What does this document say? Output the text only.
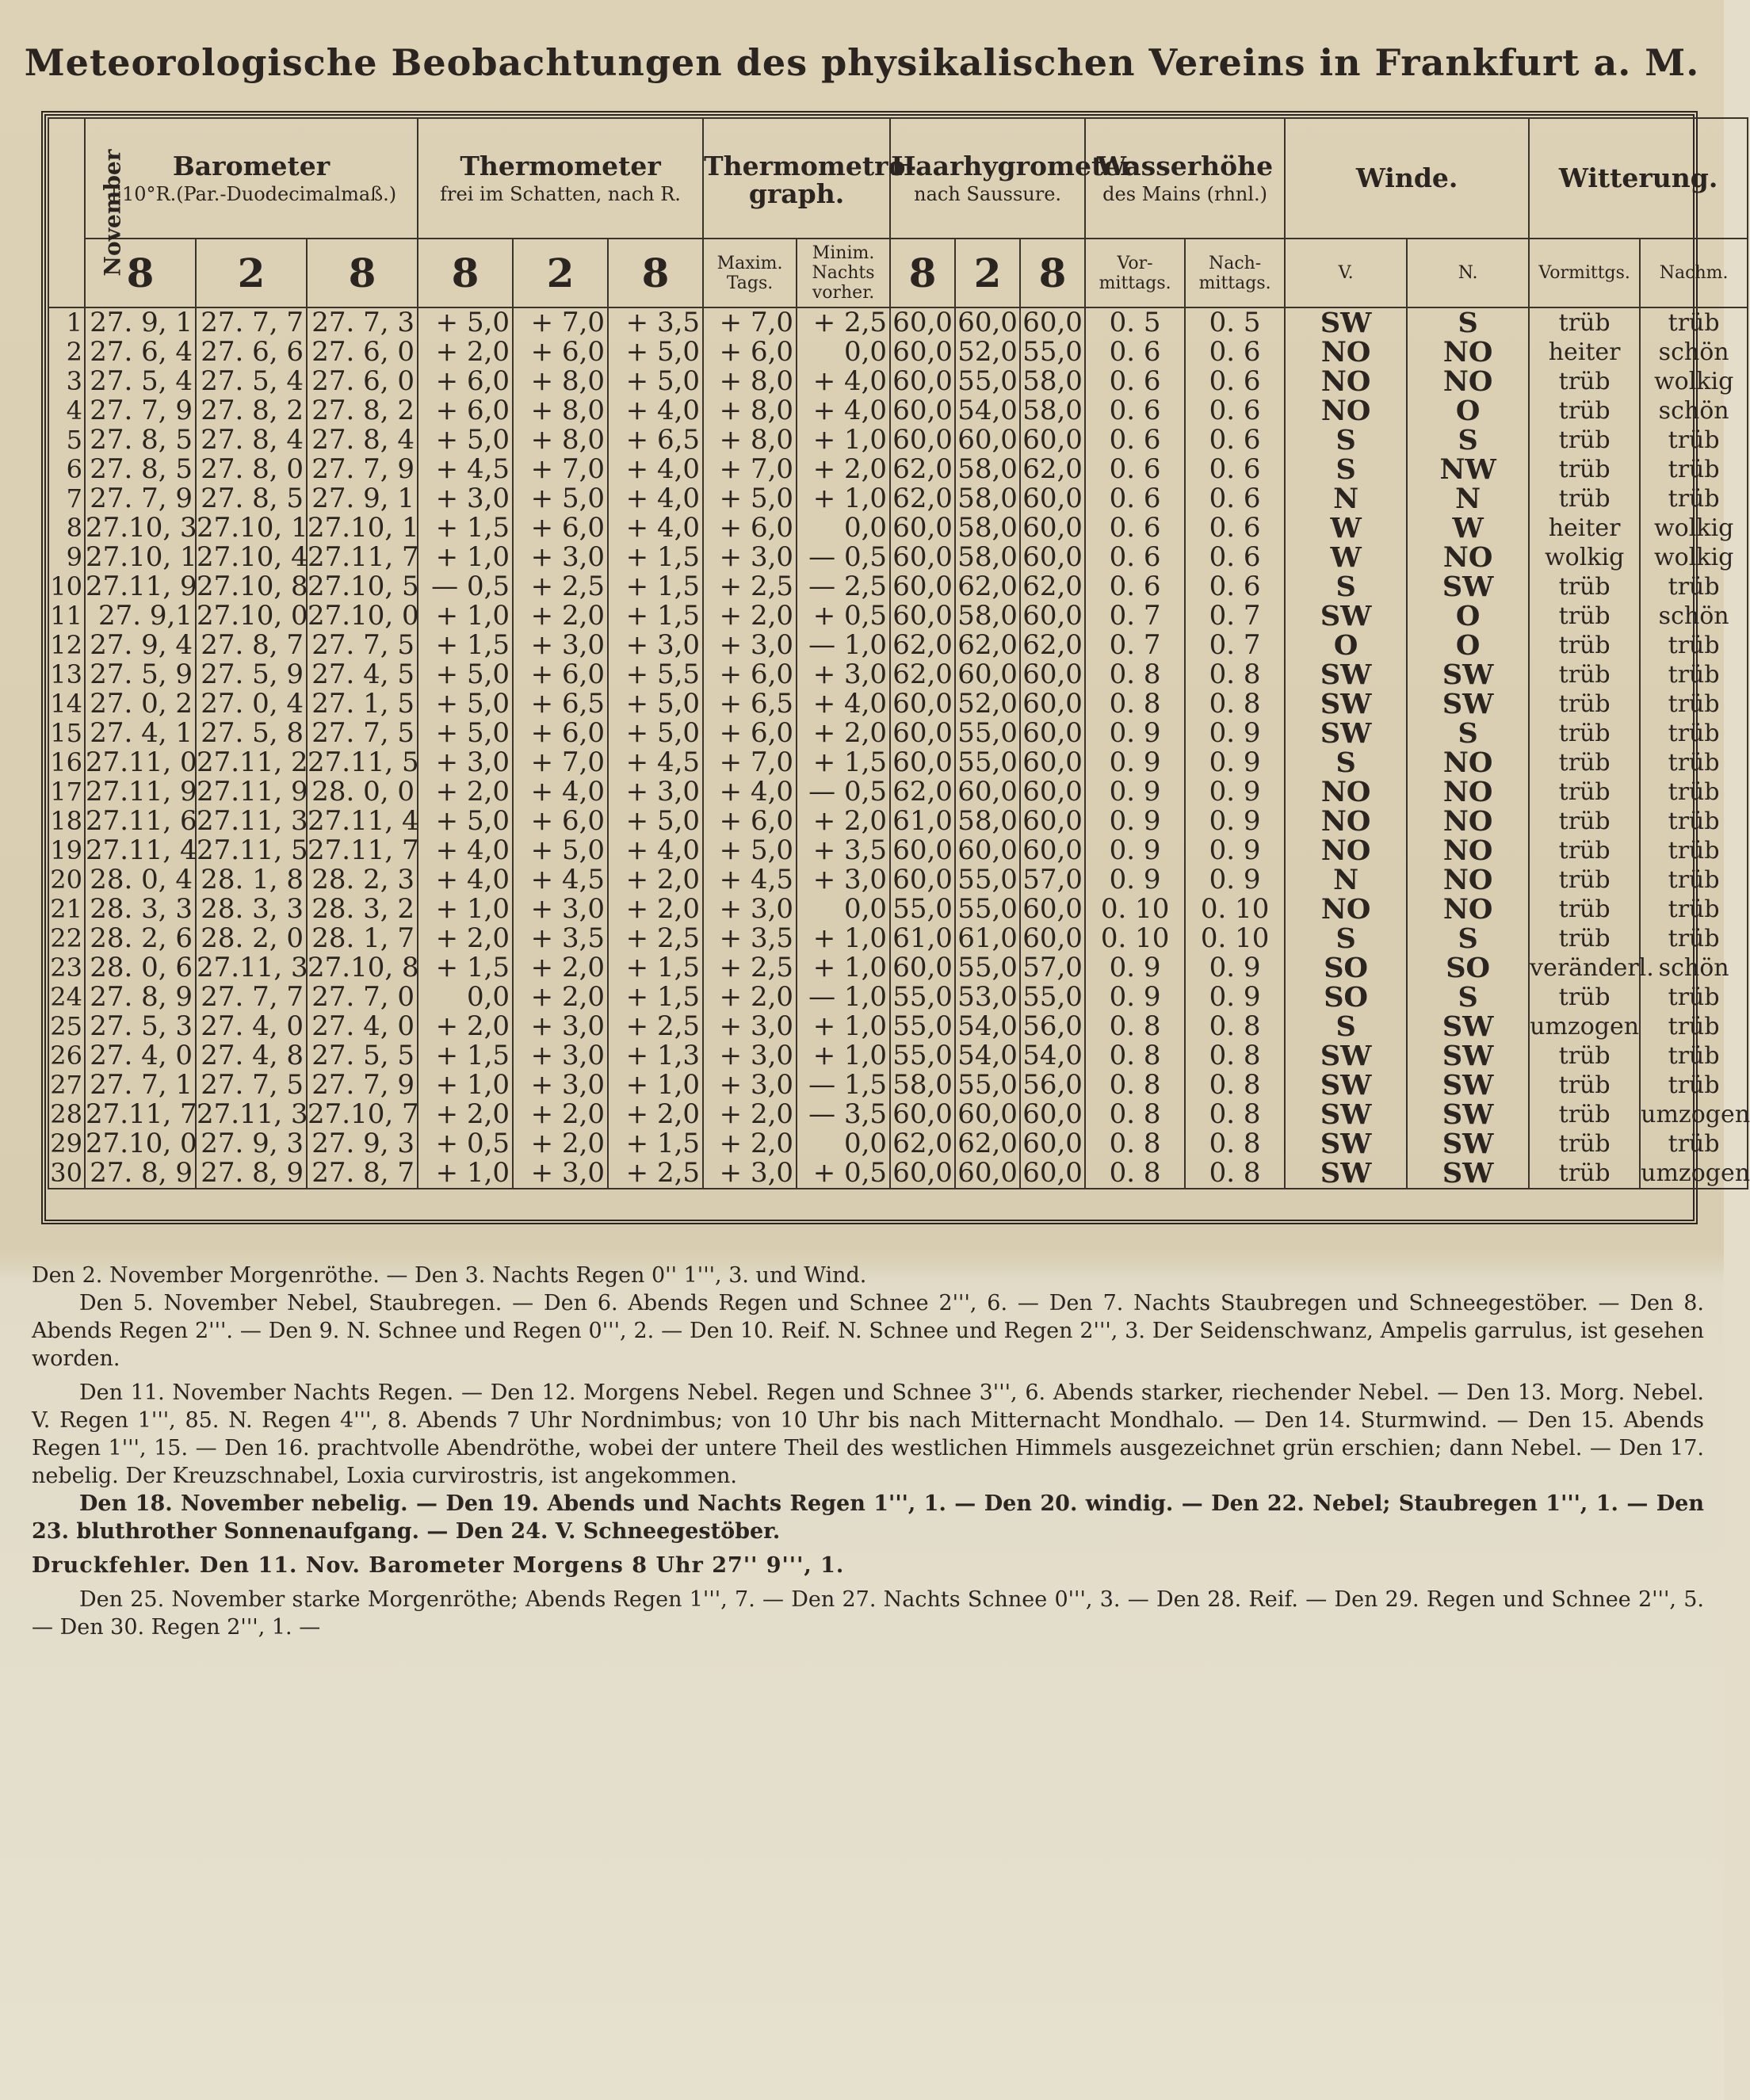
Meteorologische Beobachtungen des physikalischen Vereins in Frankfurt a. M.
November	Barometer
+10°R.(Par.-Duodecimalmaß.)			Thermometer
frei im Schatten, nach R.			Thermometro-
graph.		Haarhygrometer
nach Saussure.			Wasserhöhe
des Mains (rhnl.)		Winde.		Witterung.	
	8	2	8	8	2	8	Maxim. Tags.	Minim. Nachts vorher.	8	2	8	Vor- mittags.	Nach- mittags.	V.	N.	Vormittgs.	Nachm.
1	27. 9, 1	27. 7, 7	27. 7, 3	+ 5,0	+ 7,0	+ 3,5	+ 7,0	+ 2,5	60,0	60,0	60,0	0. 5	0. 5	SW	S	trüb	trüb
2	27. 6, 4	27. 6, 6	27. 6, 0	+ 2,0	+ 6,0	+ 5,0	+ 6,0	0,0	60,0	52,0	55,0	0. 6	0. 6	NO	NO	heiter	schön
3	27. 5, 4	27. 5, 4	27. 6, 0	+ 6,0	+ 8,0	+ 5,0	+ 8,0	+ 4,0	60,0	55,0	58,0	0. 6	0. 6	NO	NO	trüb	wolkig
4	27. 7, 9	27. 8, 2	27. 8, 2	+ 6,0	+ 8,0	+ 4,0	+ 8,0	+ 4,0	60,0	54,0	58,0	0. 6	0. 6	NO	O	trüb	schön
5	27. 8, 5	27. 8, 4	27. 8, 4	+ 5,0	+ 8,0	+ 6,5	+ 8,0	+ 1,0	60,0	60,0	60,0	0. 6	0. 6	S	S	trüb	trüb
6	27. 8, 5	27. 8, 0	27. 7, 9	+ 4,5	+ 7,0	+ 4,0	+ 7,0	+ 2,0	62,0	58,0	62,0	0. 6	0. 6	S	NW	trüb	trüb
7	27. 7, 9	27. 8, 5	27. 9, 1	+ 3,0	+ 5,0	+ 4,0	+ 5,0	+ 1,0	62,0	58,0	60,0	0. 6	0. 6	N	N	trüb	trüb
8	27.10, 3	27.10, 1	27.10, 1	+ 1,5	+ 6,0	+ 4,0	+ 6,0	0,0	60,0	58,0	60,0	0. 6	0. 6	W	W	heiter	wolkig
9	27.10, 1	27.10, 4	27.11, 7	+ 1,0	+ 3,0	+ 1,5	+ 3,0	— 0,5	60,0	58,0	60,0	0. 6	0. 6	W	NO	wolkig	wolkig
10	27.11, 9	27.10, 8	27.10, 5	— 0,5	+ 2,5	+ 1,5	+ 2,5	— 2,5	60,0	62,0	62,0	0. 6	0. 6	S	SW	trüb	trüb
11	27. 9,1	27.10, 0	27.10, 0	+ 1,0	+ 2,0	+ 1,5	+ 2,0	+ 0,5	60,0	58,0	60,0	0. 7	0. 7	SW	O	trüb	schön
12	27. 9, 4	27. 8, 7	27. 7, 5	+ 1,5	+ 3,0	+ 3,0	+ 3,0	— 1,0	62,0	62,0	62,0	0. 7	0. 7	O	O	trüb	trüb
13	27. 5, 9	27. 5, 9	27. 4, 5	+ 5,0	+ 6,0	+ 5,5	+ 6,0	+ 3,0	62,0	60,0	60,0	0. 8	0. 8	SW	SW	trüb	trüb
14	27. 0, 2	27. 0, 4	27. 1, 5	+ 5,0	+ 6,5	+ 5,0	+ 6,5	+ 4,0	60,0	52,0	60,0	0. 8	0. 8	SW	SW	trüb	trüb
15	27. 4, 1	27. 5, 8	27. 7, 5	+ 5,0	+ 6,0	+ 5,0	+ 6,0	+ 2,0	60,0	55,0	60,0	0. 9	0. 9	SW	S	trüb	trüb
16	27.11, 0	27.11, 2	27.11, 5	+ 3,0	+ 7,0	+ 4,5	+ 7,0	+ 1,5	60,0	55,0	60,0	0. 9	0. 9	S	NO	trüb	trüb
17	27.11, 9	27.11, 9	28. 0, 0	+ 2,0	+ 4,0	+ 3,0	+ 4,0	— 0,5	62,0	60,0	60,0	0. 9	0. 9	NO	NO	trüb	trüb
18	27.11, 6	27.11, 3	27.11, 4	+ 5,0	+ 6,0	+ 5,0	+ 6,0	+ 2,0	61,0	58,0	60,0	0. 9	0. 9	NO	NO	trüb	trüb
19	27.11, 4	27.11, 5	27.11, 7	+ 4,0	+ 5,0	+ 4,0	+ 5,0	+ 3,5	60,0	60,0	60,0	0. 9	0. 9	NO	NO	trüb	trüb
20	28. 0, 4	28. 1, 8	28. 2, 3	+ 4,0	+ 4,5	+ 2,0	+ 4,5	+ 3,0	60,0	55,0	57,0	0. 9	0. 9	N	NO	trüb	trüb
21	28. 3, 3	28. 3, 3	28. 3, 2	+ 1,0	+ 3,0	+ 2,0	+ 3,0	0,0	55,0	55,0	60,0	0. 10	0. 10	NO	NO	trüb	trüb
22	28. 2, 6	28. 2, 0	28. 1, 7	+ 2,0	+ 3,5	+ 2,5	+ 3,5	+ 1,0	61,0	61,0	60,0	0. 10	0. 10	S	S	trüb	trüb
23	28. 0, 6	27.11, 3	27.10, 8	+ 1,5	+ 2,0	+ 1,5	+ 2,5	+ 1,0	60,0	55,0	57,0	0. 9	0. 9	SO	SO	veränderl.	schön
24	27. 8, 9	27. 7, 7	27. 7, 0	0,0	+ 2,0	+ 1,5	+ 2,0	— 1,0	55,0	53,0	55,0	0. 9	0. 9	SO	S	trüb	trüb
25	27. 5, 3	27. 4, 0	27. 4, 0	+ 2,0	+ 3,0	+ 2,5	+ 3,0	+ 1,0	55,0	54,0	56,0	0. 8	0. 8	S	SW	umzogen	trüb
26	27. 4, 0	27. 4, 8	27. 5, 5	+ 1,5	+ 3,0	+ 1,3	+ 3,0	+ 1,0	55,0	54,0	54,0	0. 8	0. 8	SW	SW	trüb	trüb
27	27. 7, 1	27. 7, 5	27. 7, 9	+ 1,0	+ 3,0	+ 1,0	+ 3,0	— 1,5	58,0	55,0	56,0	0. 8	0. 8	SW	SW	trüb	trüb
28	27.11, 7	27.11, 3	27.10, 7	+ 2,0	+ 2,0	+ 2,0	+ 2,0	— 3,5	60,0	60,0	60,0	0. 8	0. 8	SW	SW	trüb	umzogen
29	27.10, 0	27. 9, 3	27. 9, 3	+ 0,5	+ 2,0	+ 1,5	+ 2,0	0,0	62,0	62,0	60,0	0. 8	0. 8	SW	SW	trüb	trüb
30	27. 8, 9	27. 8, 9	27. 8, 7	+ 1,0	+ 3,0	+ 2,5	+ 3,0	+ 0,5	60,0	60,0	60,0	0. 8	0. 8	SW	SW	trüb	umzogen

Den 2. November Morgenröthe. — Den 3. Nachts Regen 0'' 1''', 3. und Wind.

Den 5. November Nebel, Staubregen. — Den 6. Abends Regen und Schnee 2''', 6. — Den 7. Nachts Staubregen und Schneegestöber. — Den 8. Abends Regen 2'''. — Den 9. N. Schnee und Regen 0''', 2. — Den 10. Reif. N. Schnee und Regen 2''', 3. Der Seidenschwanz, Ampelis garrulus, ist gesehen worden.

Den 11. November Nachts Regen. — Den 12. Morgens Nebel. Regen und Schnee 3''', 6. Abends starker, riechender Nebel. — Den 13. Morg. Nebel. V. Regen 1''', 85. N. Regen 4''', 8. Abends 7 Uhr Nordnimbus; von 10 Uhr bis nach Mitternacht Mondhalo. — Den 14. Sturmwind. — Den 15. Abends Regen 1''', 15. — Den 16. prachtvolle Abendröthe, wobei der untere Theil des westlichen Himmels ausgezeichnet grün erschien; dann Nebel. — Den 17. nebelig. Der Kreuzschnabel, Loxia curvirostris, ist angekommen.

Den 18. November nebelig. — Den 19. Abends und Nachts Regen 1''', 1. — Den 20. windig. — Den 22. Nebel; Staubregen 1''', 1. — Den 23. bluthrother Sonnenaufgang. — Den 24. V. Schneegestöber.

Druckfehler. Den 11. Nov. Barometer Morgens 8 Uhr 27'' 9''', 1.

Den 25. November starke Morgenröthe; Abends Regen 1''', 7. — Den 27. Nachts Schnee 0''', 3. — Den 28. Reif. — Den 29. Regen und Schnee 2''', 5. — Den 30. Regen 2''', 1. —
